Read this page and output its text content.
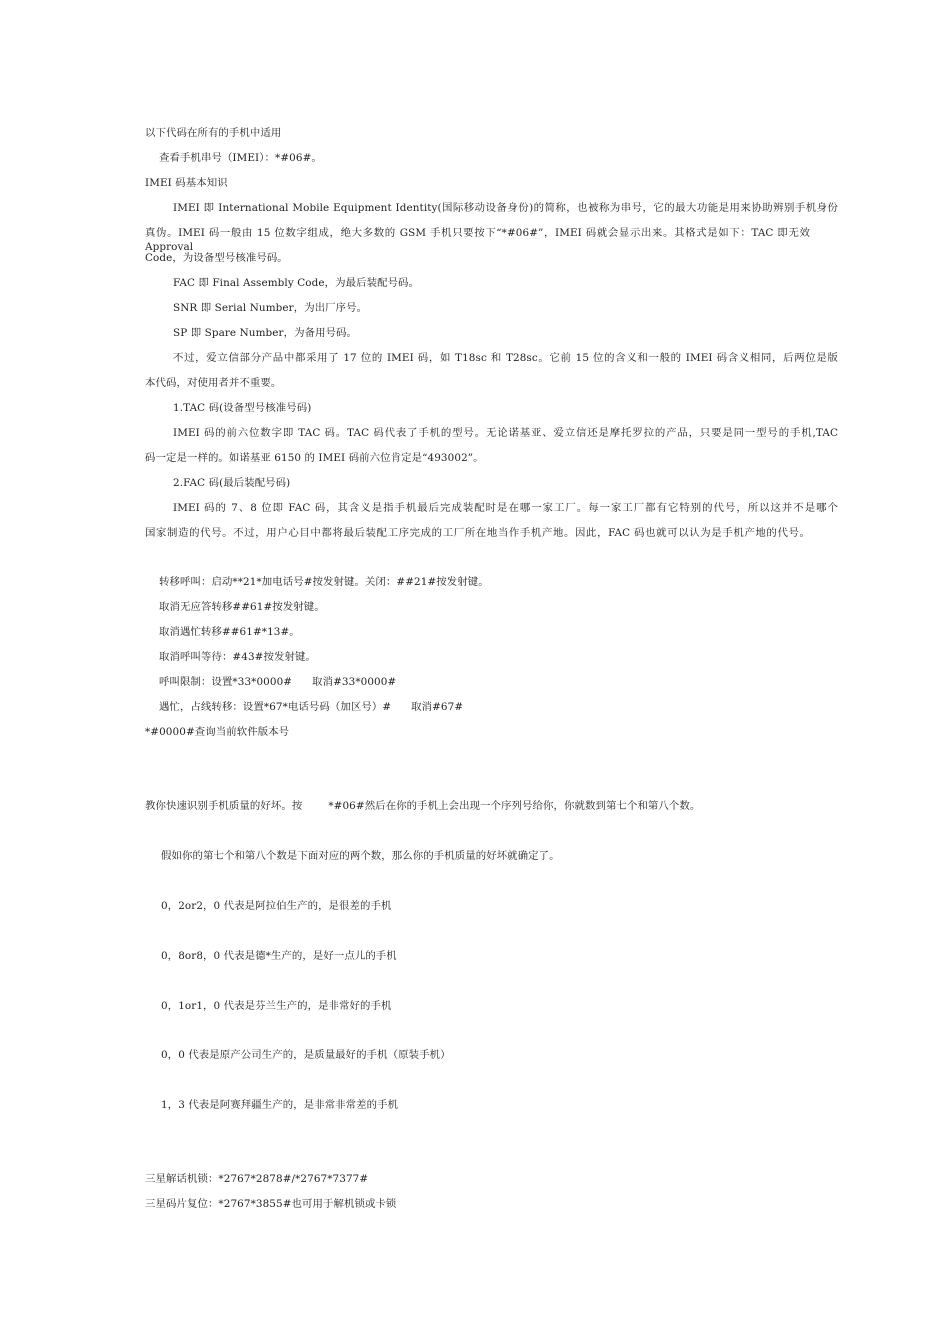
以下代码在所有的手机中适用
查看手机串号（IMEI）：*#06#。
IMEI 码基本知识
IMEI 即 International Mobile Equipment Identity(国际移动设备身份)的简称，也被称为串号，它的最大功能是用来协助辨别手机身份
真伪。IMEI 码一般由 15 位数字组成，绝大多数的 GSM 手机只要按下“*#06#”，IMEI 码就会显示出来。其格式是如下：TAC 即无效 Approval
Code，为设备型号核准号码。
FAC 即 Final Assembly Code，为最后装配号码。
SNR 即 Serial Number，为出厂序号。
SP 即 Spare Number，为备用号码。
不过，爱立信部分产品中都采用了 17 位的 IMEI 码，如 T18sc 和 T28sc。它前 15 位的含义和一般的 IMEI 码含义相同，后两位是版
本代码，对使用者并不重要。
1.TAC 码(设备型号核准号码)
IMEI 码的前六位数字即 TAC 码。TAC 码代表了手机的型号。无论诺基亚、爱立信还是摩托罗拉的产品，只要是同一型号的手机,TAC
码一定是一样的。如诺基亚 6150 的 IMEI 码前六位肯定是“493002”。
2.FAC 码(最后装配号码)
IMEI 码的 7、8 位即 FAC 码，其含义是指手机最后完成装配时是在哪一家工厂。每一家工厂都有它特别的代号，所以这并不是哪个
国家制造的代号。不过，用户心目中都将最后装配工序完成的工厂所在地当作手机产地。因此，FAC 码也就可以认为是手机产地的代号。
转移呼叫：启动**21*加电话号#按发射键。关闭：##21#按发射键。
取消无应答转移##61#按发射键。
取消遇忙转移##61#*13#。
取消呼叫等待：#43#按发射键。
呼叫限制：设置*33*0000# 取消#33*0000#
遇忙，占线转移：设置*67*电话号码（加区号）# 取消#67#
*#0000#查询当前软件版本号
教你快速识别手机质量的好坏。按	*#06#然后在你的手机上会出现一个序列号给你，你就数到第七个和第八个数。
假如你的第七个和第八个数是下面对应的两个数，那么你的手机质量的好坏就确定了。
0，2or2，0 代表是阿拉伯生产的，是很差的手机
0，8or8，0 代表是德*生产的，是好一点儿的手机
0，1or1，0 代表是芬兰生产的，是非常好的手机
0，0 代表是原产公司生产的，是质量最好的手机（原装手机）
1，3 代表是阿赛拜疆生产的，是非常非常差的手机
三星解话机锁：*2767*2878#/*2767*7377#
三星码片复位：*2767*3855#也可用于解机锁或卡锁
